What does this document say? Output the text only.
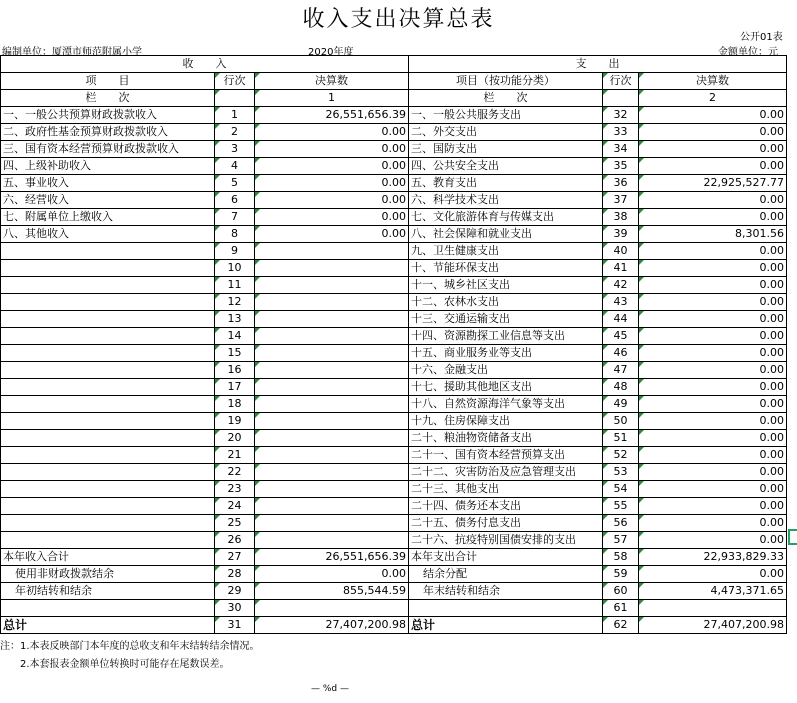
收入支出决算总表
公开01表
编制单位：厦潭市师范附属小学	2020年度	金额单位：元
收　　入			支　　出		
项　　目	行次	决算数	项目（按功能分类）	行次	决算数
栏　　次		1	栏　　次		2
一、一般公共预算财政拨款收入	1	26,551,656.39	一、一般公共服务支出	32	0.00
二、政府性基金预算财政拨款收入	2	0.00	二、外交支出	33	0.00
三、国有资本经营预算财政拨款收入	3	0.00	三、国防支出	34	0.00
四、上级补助收入	4	0.00	四、公共安全支出	35	0.00
五、事业收入	5	0.00	五、教育支出	36	22,925,527.77
六、经营收入	6	0.00	六、科学技术支出	37	0.00
七、附属单位上缴收入	7	0.00	七、文化旅游体育与传媒支出	38	0.00
八、其他收入	8	0.00	八、社会保障和就业支出	39	8,301.56
	9		九、卫生健康支出	40	0.00
	10		十、节能环保支出	41	0.00
	11		十一、城乡社区支出	42	0.00
	12		十二、农林水支出	43	0.00
	13		十三、交通运输支出	44	0.00
	14		十四、资源勘探工业信息等支出	45	0.00
	15		十五、商业服务业等支出	46	0.00
	16		十六、金融支出	47	0.00
	17		十七、援助其他地区支出	48	0.00
	18		十八、自然资源海洋气象等支出	49	0.00
	19		十九、住房保障支出	50	0.00
	20		二十、粮油物资储备支出	51	0.00
	21		二十一、国有资本经营预算支出	52	0.00
	22		二十二、灾害防治及应急管理支出	53	0.00
	23		二十三、其他支出	54	0.00
	24		二十四、债务还本支出	55	0.00
	25		二十五、债务付息支出	56	0.00
	26		二十六、抗疫特别国债安排的支出	57	0.00
本年收入合计	27	26,551,656.39	本年支出合计	58	22,933,829.33
使用非财政拨款结余	28	0.00	结余分配	59	0.00
年初结转和结余	29	855,544.59	年末结转和结余	60	4,473,371.65
	30			61	
总计	31	27,407,200.98	总计	62	27,407,200.98
注：1.本表反映部门本年度的总收支和年末结转结余情况。
2.本套报表金额单位转换时可能存在尾数误差。
— %d —
